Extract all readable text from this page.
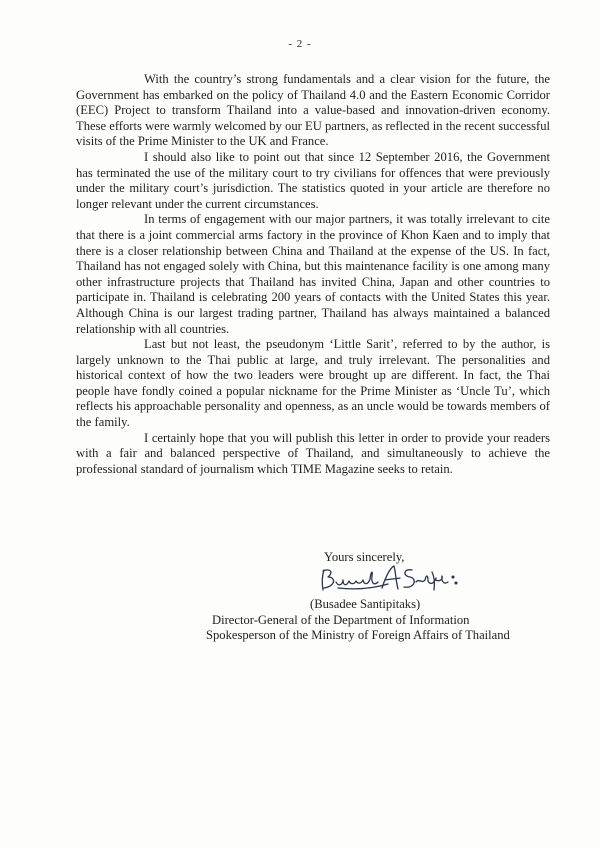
- 2 -

With the country’s strong fundamentals and a clear vision for the future, the Government has embarked on the policy of Thailand 4.0 and the Eastern Economic Corridor (EEC) Project to transform Thailand into a value-based and innovation-driven economy. These efforts were warmly welcomed by our EU partners, as reflected in the recent successful visits of the Prime Minister to the UK and France.

I should also like to point out that since 12 September 2016, the Government has terminated the use of the military court to try civilians for offences that were previously under the military court’s jurisdiction. The statistics quoted in your article are therefore no longer relevant under the current circumstances.

In terms of engagement with our major partners, it was totally irrelevant to cite that there is a joint commercial arms factory in the province of Khon Kaen and to imply that there is a closer relationship between China and Thailand at the expense of the US. In fact, Thailand has not engaged solely with China, but this maintenance facility is one among many other infrastructure projects that Thailand has invited China, Japan and other countries to participate in. Thailand is celebrating 200 years of contacts with the United States this year. Although China is our largest trading partner, Thailand has always maintained a balanced relationship with all countries.

Last but not least, the pseudonym ‘Little Sarit’, referred to by the author, is largely unknown to the Thai public at large, and truly irrelevant. The personalities and historical context of how the two leaders were brought up are different. In fact, the Thai people have fondly coined a popular nickname for the Prime Minister as ‘Uncle Tu’, which reflects his approachable personality and openness, as an uncle would be towards members of the family.

I certainly hope that you will publish this letter in order to provide your readers with a fair and balanced perspective of Thailand, and simultaneously to achieve the professional standard of journalism which TIME Magazine seeks to retain.

Yours sincerely,
(Busadee Santipitaks)
Director-General of the Department of Information
Spokesperson of the Ministry of Foreign Affairs of Thailand
